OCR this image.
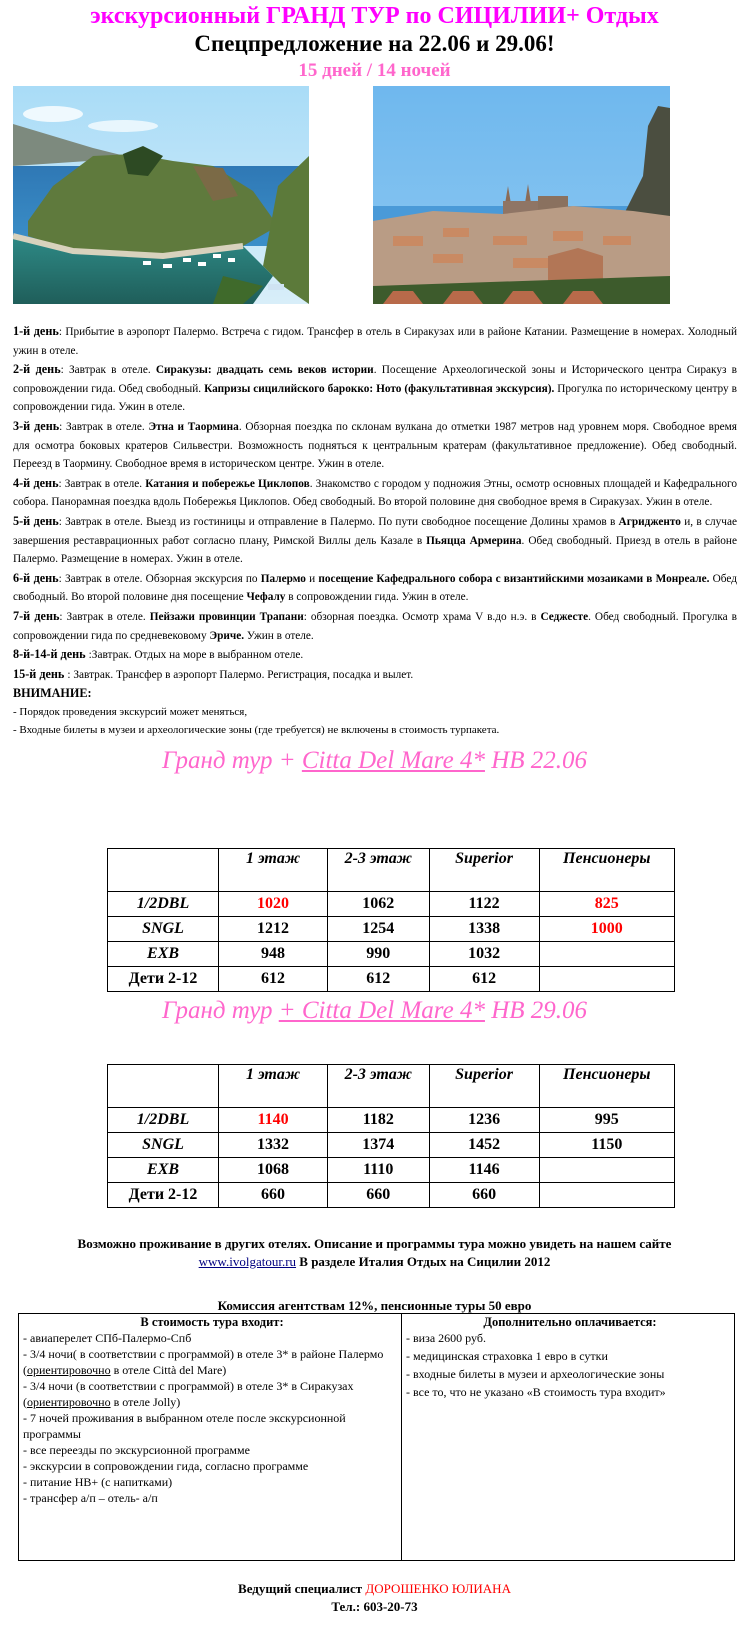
экскурсионный ГРАНД ТУР по СИЦИЛИИ+ Отдых
Спецпредложение на 22.06 и 29.06!
15 дней / 14 ночей

1-й день: Прибытие в аэропорт Палермо. Встреча с гидом. Трансфер в отель в Сиракузах или в районе Катании. Размещение в номерах. Холодный ужин в отеле.

2-й день: Завтрак в отеле. Сиракузы: двадцать семь веков истории. Посещение Археологической зоны и Исторического центра Сиракуз в сопровождении гида. Обед свободный. Капризы сицилийского барокко: Ното (факультативная экскурсия). Прогулка по историческому центру в сопровождении гида. Ужин в отеле.

3-й день: Завтрак в отеле. Этна и Таормина. Обзорная поездка по склонам вулкана до отметки 1987 метров над уровнем моря. Свободное время для осмотра боковых кратеров Сильвестри. Возможность подняться к центральным кратерам (факультативное предложение). Обед свободный. Переезд в Таормину. Свободное время в историческом центре. Ужин в отеле.

4-й день: Завтрак в отеле. Катания и побережье Циклопов. Знакомство с городом у подножия Этны, осмотр основных площадей и Кафедрального собора. Панорамная поездка вдоль Побережья Циклопов. Обед свободный. Во второй половине дня свободное время в Сиракузах. Ужин в отеле.

5-й день: Завтрак в отеле. Выезд из гостиницы и отправление в Палермо. По пути свободное посещение Долины храмов в Агридженто и, в случае завершения реставрационных работ согласно плану, Римской Виллы дель Казале в Пьяцца Армерина. Обед свободный. Приезд в отель в районе Палермо. Размещение в номерах. Ужин в отеле.

6-й день: Завтрак в отеле. Обзорная экскурсия по Палермо и посещение Кафедрального собора с византийскими мозаиками в Монреале. Обед свободный. Во второй половине дня посещение Чефалу в сопровождении гида. Ужин в отеле.

7-й день: Завтрак в отеле. Пейзажи провинции Трапани: обзорная поездка. Осмотр храма V в.до н.э. в Седжесте. Обед свободный. Прогулка в сопровождении гида по средневековому Эриче. Ужин в отеле.

8-й-14-й день :Завтрак. Отдых на море в выбранном отеле.

15-й день : Завтрак. Трансфер в аэропорт Палермо. Регистрация, посадка и вылет.

ВНИМАНИЕ:

- Порядок проведения экскурсий может меняться,

- Входные билеты в музеи и археологические зоны (где требуется) не включены в стоимость турпакета.

Гранд тур + Citta Del Mare 4* HB 22.06
	1 этаж	2-3 этаж	Superior	Пенсионеры
1/2DBL	1020	1062	1122	825
SNGL	1212	1254	1338	1000
EXB	948	990	1032	
Дети 2-12	612	612	612	
Гранд тур + Citta Del Mare 4* HB 29.06
	1 этаж	2-3 этаж	Superior	Пенсионеры
1/2DBL	1140	1182	1236	995
SNGL	1332	1374	1452	1150
EXB	1068	1110	1146	
Дети 2-12	660	660	660	
Возможно проживание в других отелях. Описание и программы тура можно увидеть на нашем сайте
www.ivolgatour.ru В разделе Италия Отдых на Сицилии 2012
Комиссия агентствам 12%, пенсионные туры 50 евро
В стоимость тура входит:

- авиаперелет СПб-Палермо-Спб

- 3/4 ночи( в соответствии с программой) в отеле 3* в районе Палермо (ориентировочно в отеле Città del Mare)

- 3/4 ночи (в соответствии с программой) в отеле 3* в Сиракузах (ориентировочно в отеле Jolly)

- 7 ночей проживания в выбранном отеле после экскурсионной программы

- все переезды по экскурсионной программе

- экскурсии в сопровождении гида, согласно программе

- питание HB+ (с напитками)

- трансфер а/п – отель- а/п

Дополнительно оплачивается:

- виза 2600 руб.

- медицинская страховка 1 евро в сутки

- входные билеты в музеи и археологические зоны

- все то, что не указано «В стоимость тура входит»

Ведущий специалист ДОРОШЕНКО ЮЛИАНА
Тел.: 603-20-73
